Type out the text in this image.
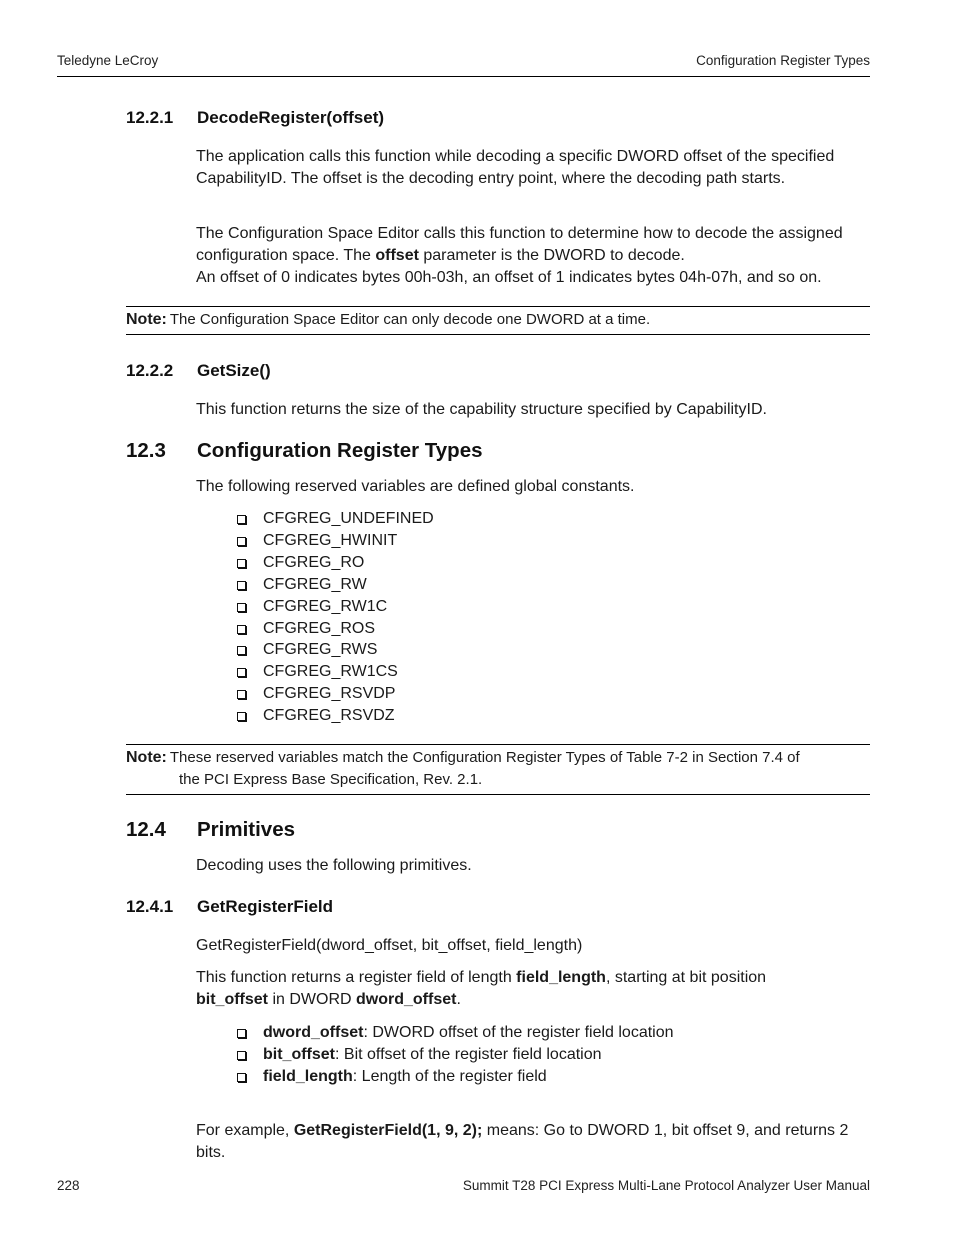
Teledyne LeCroy	Configuration Register Types
12.2.1 DecodeRegister(offset)
The application calls this function while decoding a specific DWORD offset of the specified CapabilityID. The offset is the decoding entry point, where the decoding path starts.
The Configuration Space Editor calls this function to determine how to decode the assigned configuration space. The offset parameter is the DWORD to decode.
An offset of 0 indicates bytes 00h-03h, an offset of 1 indicates bytes 04h-07h, and so on.
Note: The Configuration Space Editor can only decode one DWORD at a time.
12.2.2 GetSize()
This function returns the size of the capability structure specified by CapabilityID.
12.3 Configuration Register Types
The following reserved variables are defined global constants.
CFGREG_UNDEFINED
CFGREG_HWINIT
CFGREG_RO
CFGREG_RW
CFGREG_RW1C
CFGREG_ROS
CFGREG_RWS
CFGREG_RW1CS
CFGREG_RSVDP
CFGREG_RSVDZ
Note: These reserved variables match the Configuration Register Types of Table 7-2 in Section 7.4 of
the PCI Express Base Specification, Rev. 2.1.
12.4 Primitives
Decoding uses the following primitives.
12.4.1 GetRegisterField
GetRegisterField(dword_offset, bit_offset, field_length)
This function returns a register field of length field_length, starting at bit position
bit_offset in DWORD dword_offset.
dword_offset: DWORD offset of the register field location
bit_offset: Bit offset of the register field location
field_length: Length of the register field
For example, GetRegisterField(1, 9, 2); means: Go to DWORD 1, bit offset 9, and returns 2 bits.
228	Summit T28 PCI Express Multi-Lane Protocol Analyzer User Manual
